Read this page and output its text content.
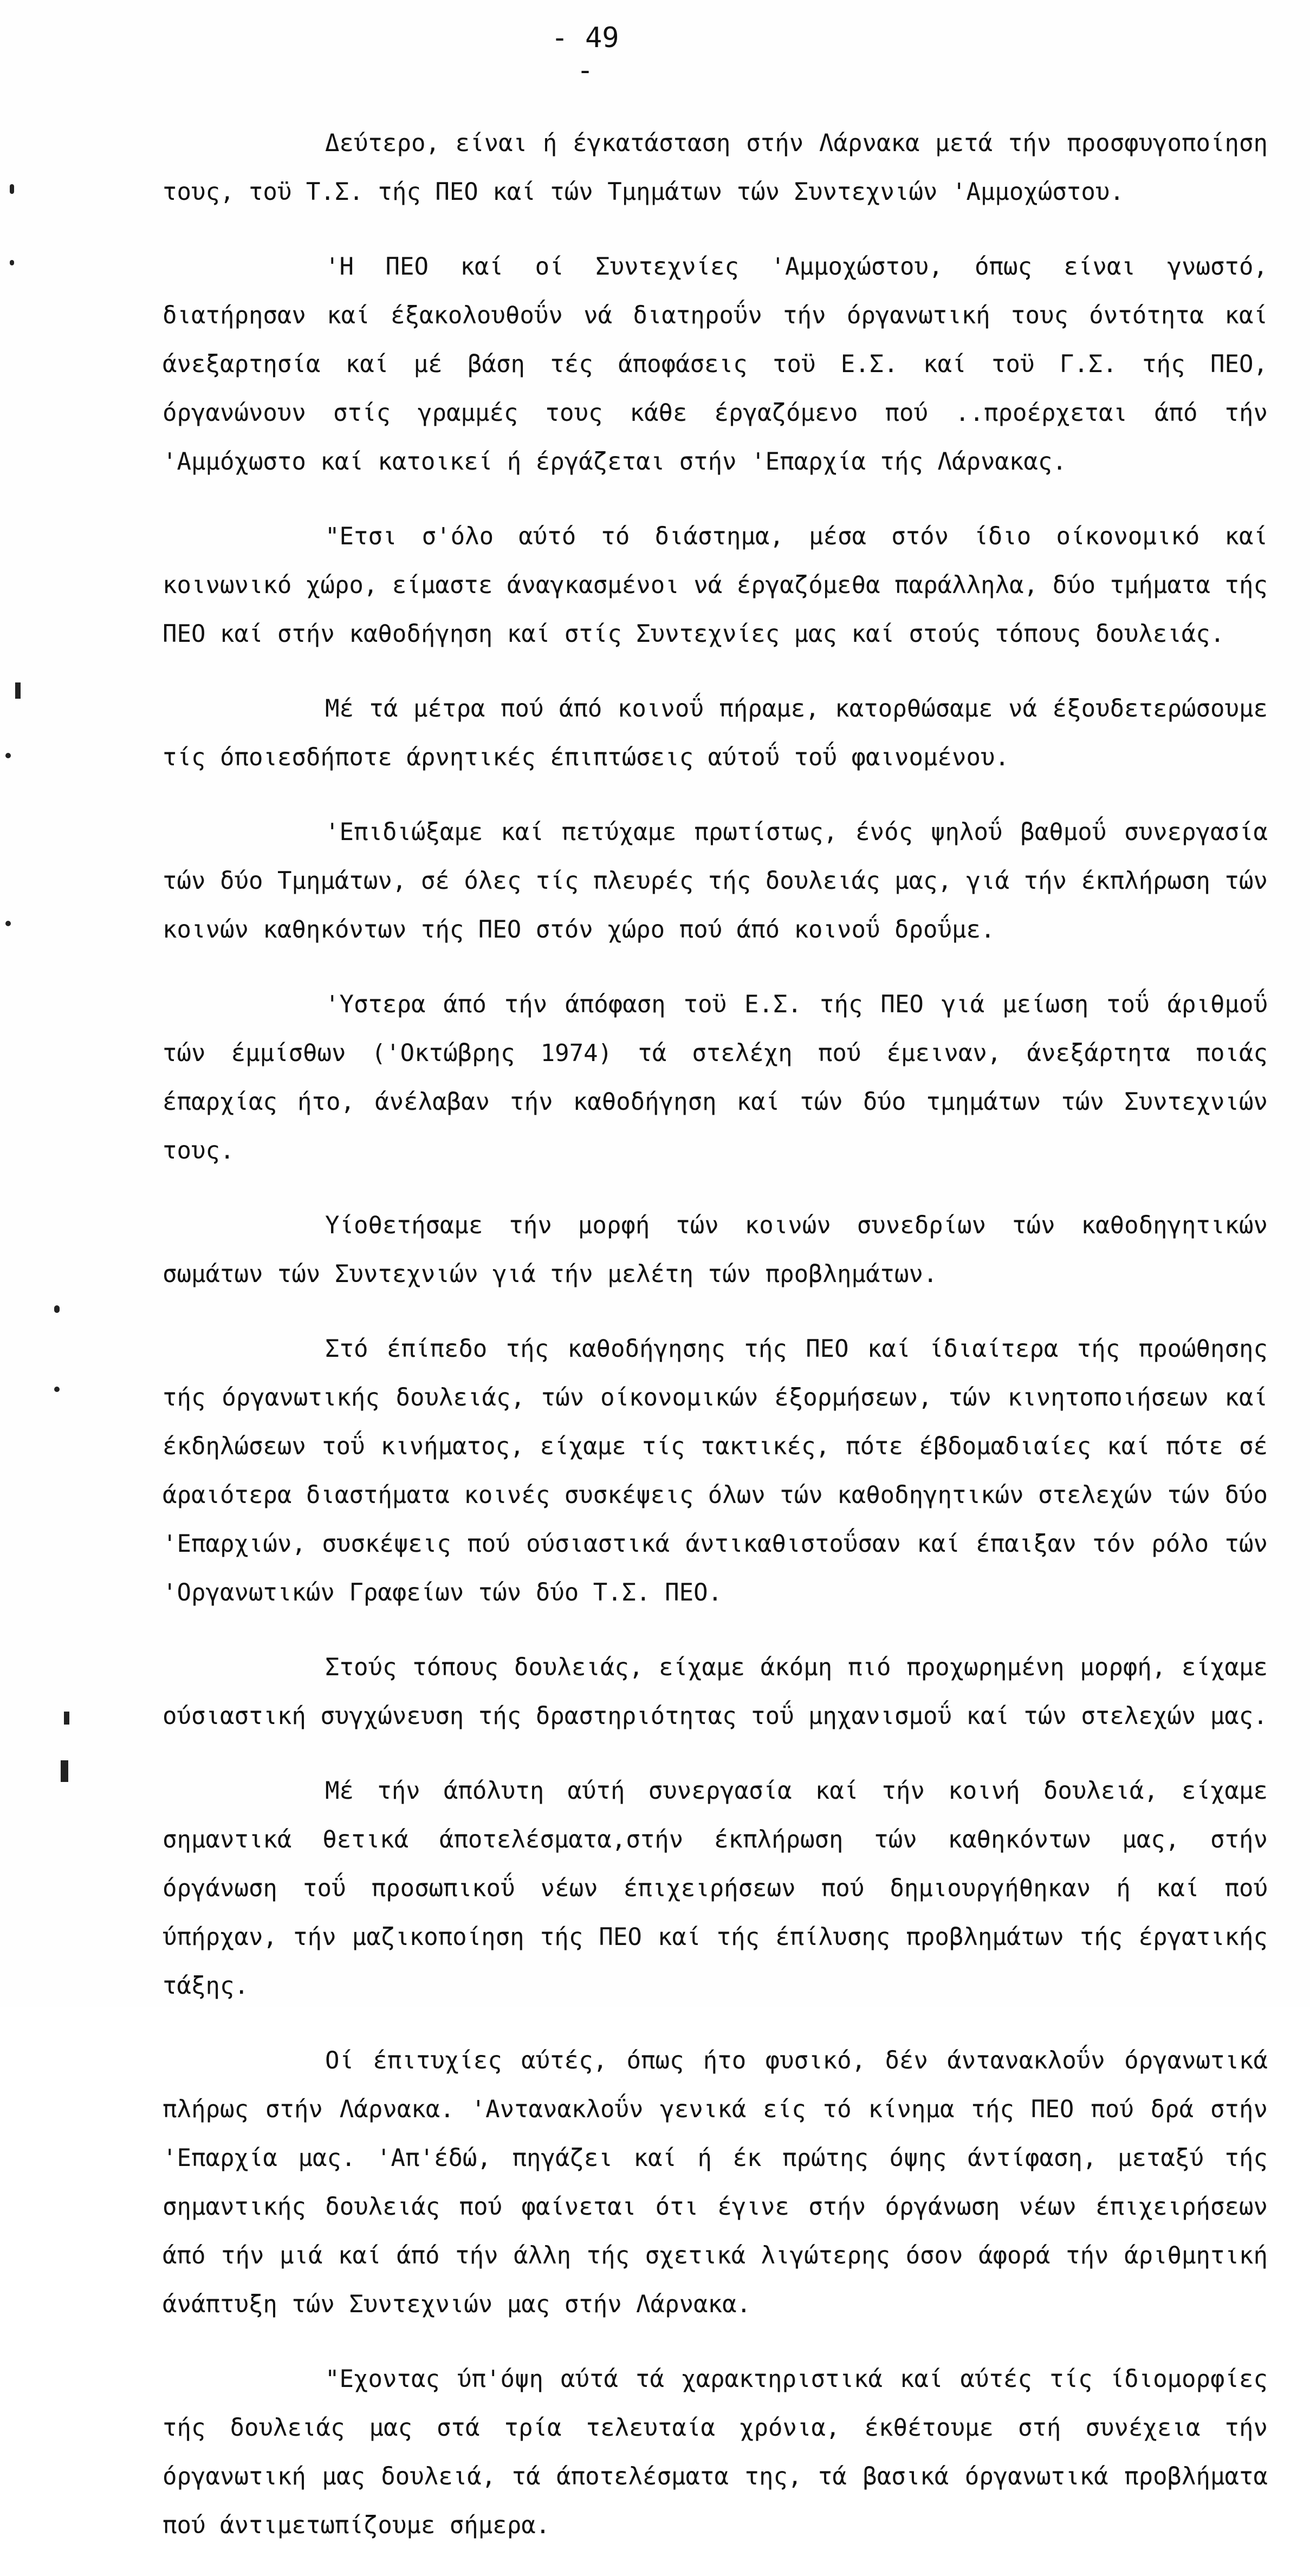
- 49 -

Δεύτερο, είναι ή έγκατάσταση στήν Λάρνακα μετά τήν προσφυγοποίηση τους, τοϋ Τ.Σ. τής ΠΕΟ καί τών Τμημάτων τών Συντεχνιών 'Αμμοχώστου.

'Η ΠΕΟ καί οί Συντεχνίες 'Αμμοχώστου, όπως είναι γνωστό, διατήρησαν καί έξακολουθοΰν νά διατηροΰν τήν όργανωτική τους όντότητα καί άνεξαρτησία καί μέ βάση τές άποφάσεις τοϋ Ε.Σ. καί τοϋ Γ.Σ. τής ΠΕΟ, όργανώνουν στίς γραμμές τους κάθε έργαζόμενο πού ..προέρχεται άπό τήν 'Αμμόχωστο καί κατοικεί ή έργάζεται στήν 'Επαρχία τής Λάρνακας.

"Ετσι σ'όλο αύτό τό διάστημα, μέσα στόν ίδιο οίκονομικό καί κοινωνικό χώρο, είμαστε άναγκασμένοι νά έργαζόμεθα παράλληλα, δύο τμήματα τής ΠΕΟ καί στήν καθοδήγηση καί στίς Συντεχνίες μας καί στούς τόπους δουλειάς.

Μέ τά μέτρα πού άπό κοινοΰ πήραμε, κατορθώσαμε νά έξουδετερώσουμε τίς όποιεσδήποτε άρνητικές έπιπτώσεις αύτοΰ τοΰ φαινομένου.

'Επιδιώξαμε καί πετύχαμε πρωτίστως, ένός ψηλοΰ βαθμοΰ συνεργασία τών δύο Τμημάτων, σέ όλες τίς πλευρές τής δουλειάς μας, γιά τήν έκπλήρωση τών κοινών καθηκόντων τής ΠΕΟ στόν χώρο πού άπό κοινοΰ δροΰμε.

'Υστερα άπό τήν άπόφαση τοϋ Ε.Σ. τής ΠΕΟ γιά μείωση τοΰ άριθμοΰ τών έμμίσθων ('Οκτώβρης 1974) τά στελέχη πού έμειναν, άνεξάρτητα ποιάς έπαρχίας ήτο, άνέλαβαν τήν καθοδήγηση καί τών δύο τμημάτων τών Συντεχνιών τους.

Υίοθετήσαμε τήν μορφή τών κοινών συνεδρίων τών καθοδηγητικών σωμάτων τών Συντεχνιών γιά τήν μελέτη τών προβλημάτων.

Στό έπίπεδο τής καθοδήγησης τής ΠΕΟ καί ίδιαίτερα τής προώθησης τής όργανωτικής δουλειάς, τών οίκονομικών έξορμήσεων, τών κινητοποιήσεων καί έκδηλώσεων τοΰ κινήματος, είχαμε τίς τακτικές, πότε έβδομαδιαίες καί πότε σέ άραιότερα διαστήματα κοινές συσκέψεις όλων τών καθοδηγητικών στελεχών τών δύο 'Επαρχιών, συσκέψεις πού ούσιαστικά άντικαθιστοΰσαν καί έπαιξαν τόν ρόλο τών 'Οργανωτικών Γραφείων τών δύο Τ.Σ. ΠΕΟ.

Στούς τόπους δουλειάς, είχαμε άκόμη πιό προχωρημένη μορφή, είχαμε ούσιαστική συγχώνευση τής δραστηριότητας τοΰ μηχανισμοΰ καί τών στελεχών μας.

Μέ τήν άπόλυτη αύτή συνεργασία καί τήν κοινή δουλειά, είχαμε σημαντικά θετικά άποτελέσματα,στήν έκπλήρωση τών καθηκόντων μας, στήν όργάνωση τοΰ προσωπικοΰ νέων έπιχειρήσεων πού δημιουργήθηκαν ή καί πού ύπήρχαν, τήν μαζικοποίηση τής ΠΕΟ καί τής έπίλυσης προβλημάτων τής έργατικής τάξης.

Οί έπιτυχίες αύτές, όπως ήτο φυσικό, δέν άντανακλοΰν όργανωτικά πλήρως στήν Λάρνακα. 'Αντανακλοΰν γενικά είς τό κίνημα τής ΠΕΟ πού δρά στήν 'Επαρχία μας. 'Απ'έδώ, πηγάζει καί ή έκ πρώτης όψης άντίφαση, μεταξύ τής σημαντικής δουλειάς πού φαίνεται ότι έγινε στήν όργάνωση νέων έπιχειρήσεων άπό τήν μιά καί άπό τήν άλλη τής σχετικά λιγώτερης όσον άφορά τήν άριθμητική άνάπτυξη τών Συντεχνιών μας στήν Λάρνακα.

"Εχοντας ύπ'όψη αύτά τά χαρακτηριστικά καί αύτές τίς ίδιομορφίες τής δουλειάς μας στά τρία τελευταία χρόνια, έκθέτουμε στή συνέχεια τήν όργανωτική μας δουλειά, τά άποτελέσματα της, τά βασικά όργανωτικά προβλήματα πού άντιμετωπίζουμε σήμερα.
